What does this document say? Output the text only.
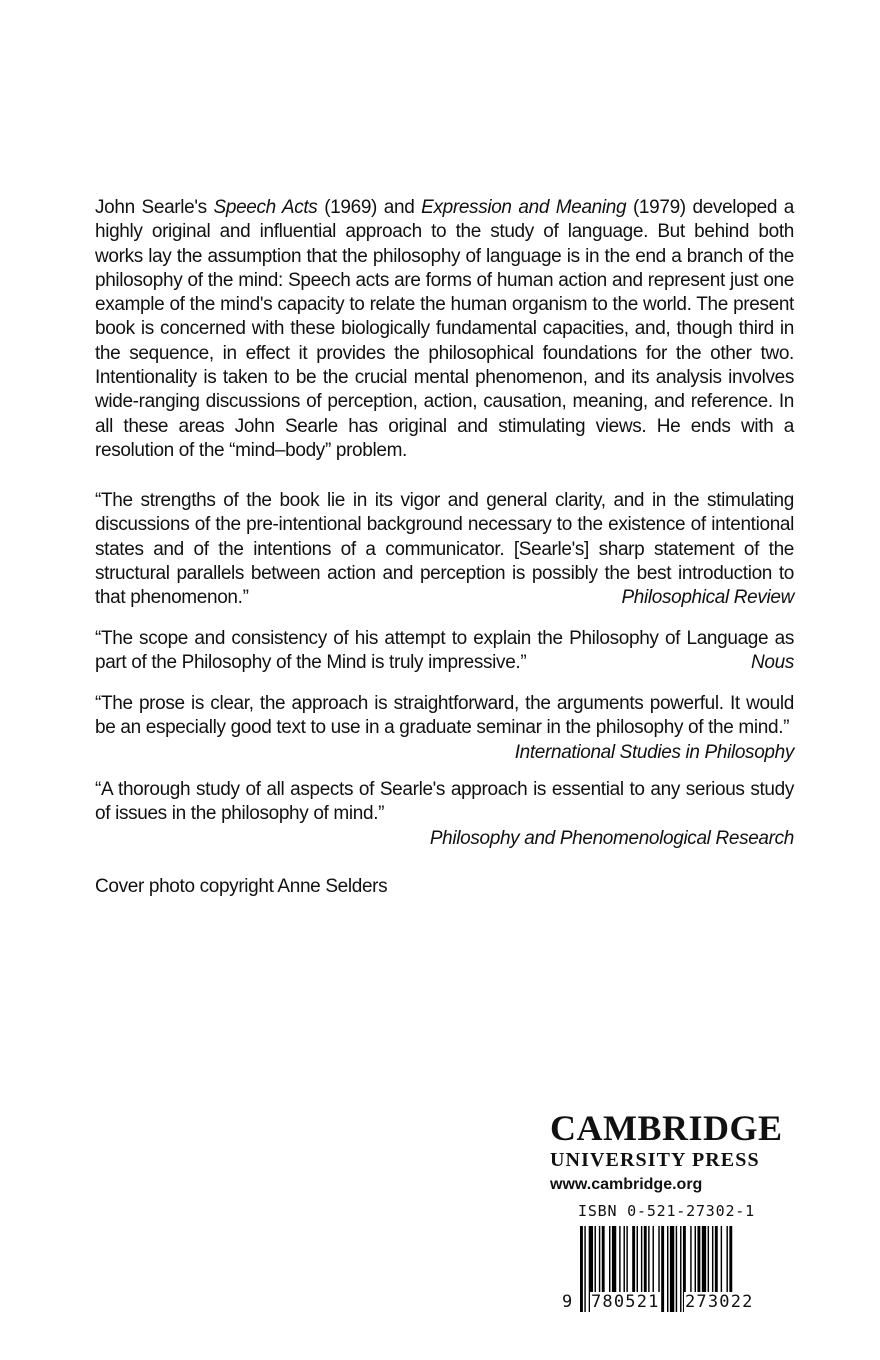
John Searle's Speech Acts (1969) and Expression and Meaning (1979) developed a highly original and influential approach to the study of language. But behind both works lay the assumption that the philosophy of language is in the end a branch of the philosophy of the mind: Speech acts are forms of human action and represent just one example of the mind's capacity to relate the human organism to the world. The present book is concerned with these biologically fundamental capacities, and, though third in the sequence, in effect it provides the philosophical foundations for the other two. Intentionality is taken to be the crucial mental phenomenon, and its analysis involves wide-ranging discussions of perception, action, causation, meaning, and reference. In all these areas John Searle has original and stimulating views. He ends with a resolution of the “mind–body” problem.

“The strengths of the book lie in its vigor and general clarity, and in the stimulating discussions of the pre-intentional background necessary to the existence of intentional states and of the intentions of a communicator. [Searle's] sharp statement of the structural parallels between action and perception is possibly the best introduction to that phenomenon.”	Philosophical Review

“The scope and consistency of his attempt to explain the Philosophy of Language as part of the Philosophy of the Mind is truly impressive.”	Nous

“The prose is clear, the approach is straightforward, the arguments powerful. It would be an especially good text to use in a graduate seminar in the philosophy of the mind.”
International Studies in Philosophy

“A thorough study of all aspects of Searle's approach is essential to any serious study of issues in the philosophy of mind.”
Philosophy and Phenomenological Research

Cover photo copyright Anne Selders

CAMBRIDGE
UNIVERSITY PRESS
www.cambridge.org
ISBN 0-521-27302-1
9 780521 273022
